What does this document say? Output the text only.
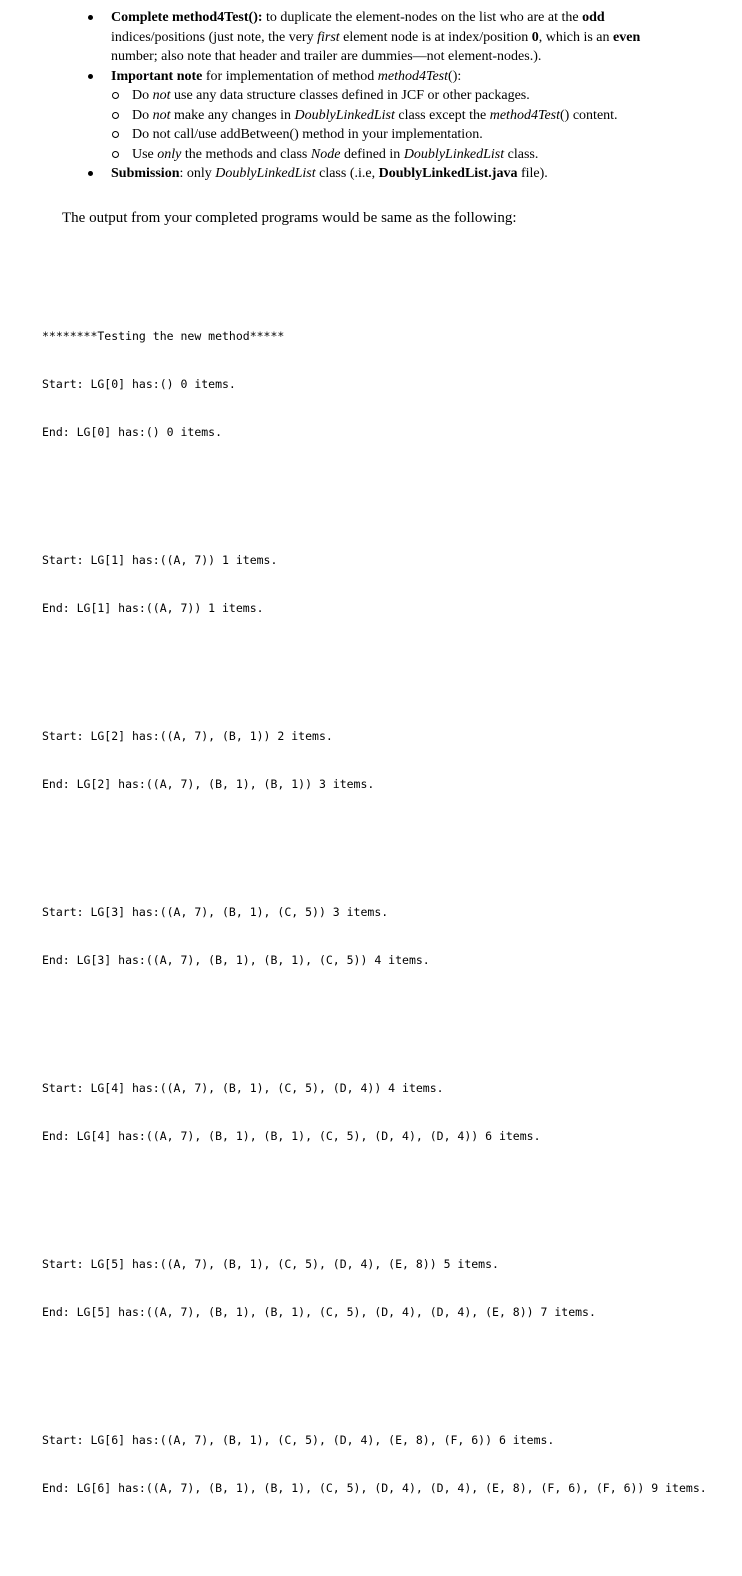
Complete method4Test(): to duplicate the element-nodes on the list who are at the odd indices/positions (just note, the very first element node is at index/position 0, which is an even number; also note that header and trailer are dummies—not element-nodes.).
Important note for implementation of method method4Test():
Do not use any data structure classes defined in JCF or other packages.
Do not make any changes in DoublyLinkedList class except the method4Test() content.
Do not call/use addBetween() method in your implementation.
Use only the methods and class Node defined in DoublyLinkedList class.
Submission: only DoublyLinkedList class (.i.e, DoublyLinkedList.java file).
The output from your completed programs would be same as the following:

********Testing the new method*****

Start: LG[0] has:() 0 items.

End: LG[0] has:() 0 items.

Start: LG[1] has:((A, 7)) 1 items.

End: LG[1] has:((A, 7)) 1 items.

Start: LG[2] has:((A, 7), (B, 1)) 2 items.

End: LG[2] has:((A, 7), (B, 1), (B, 1)) 3 items.

Start: LG[3] has:((A, 7), (B, 1), (C, 5)) 3 items.

End: LG[3] has:((A, 7), (B, 1), (B, 1), (C, 5)) 4 items.

Start: LG[4] has:((A, 7), (B, 1), (C, 5), (D, 4)) 4 items.

End: LG[4] has:((A, 7), (B, 1), (B, 1), (C, 5), (D, 4), (D, 4)) 6 items.

Start: LG[5] has:((A, 7), (B, 1), (C, 5), (D, 4), (E, 8)) 5 items.

End: LG[5] has:((A, 7), (B, 1), (B, 1), (C, 5), (D, 4), (D, 4), (E, 8)) 7 items.

Start: LG[6] has:((A, 7), (B, 1), (C, 5), (D, 4), (E, 8), (F, 6)) 6 items.

End: LG[6] has:((A, 7), (B, 1), (B, 1), (C, 5), (D, 4), (D, 4), (E, 8), (F, 6), (F, 6)) 9 items.
